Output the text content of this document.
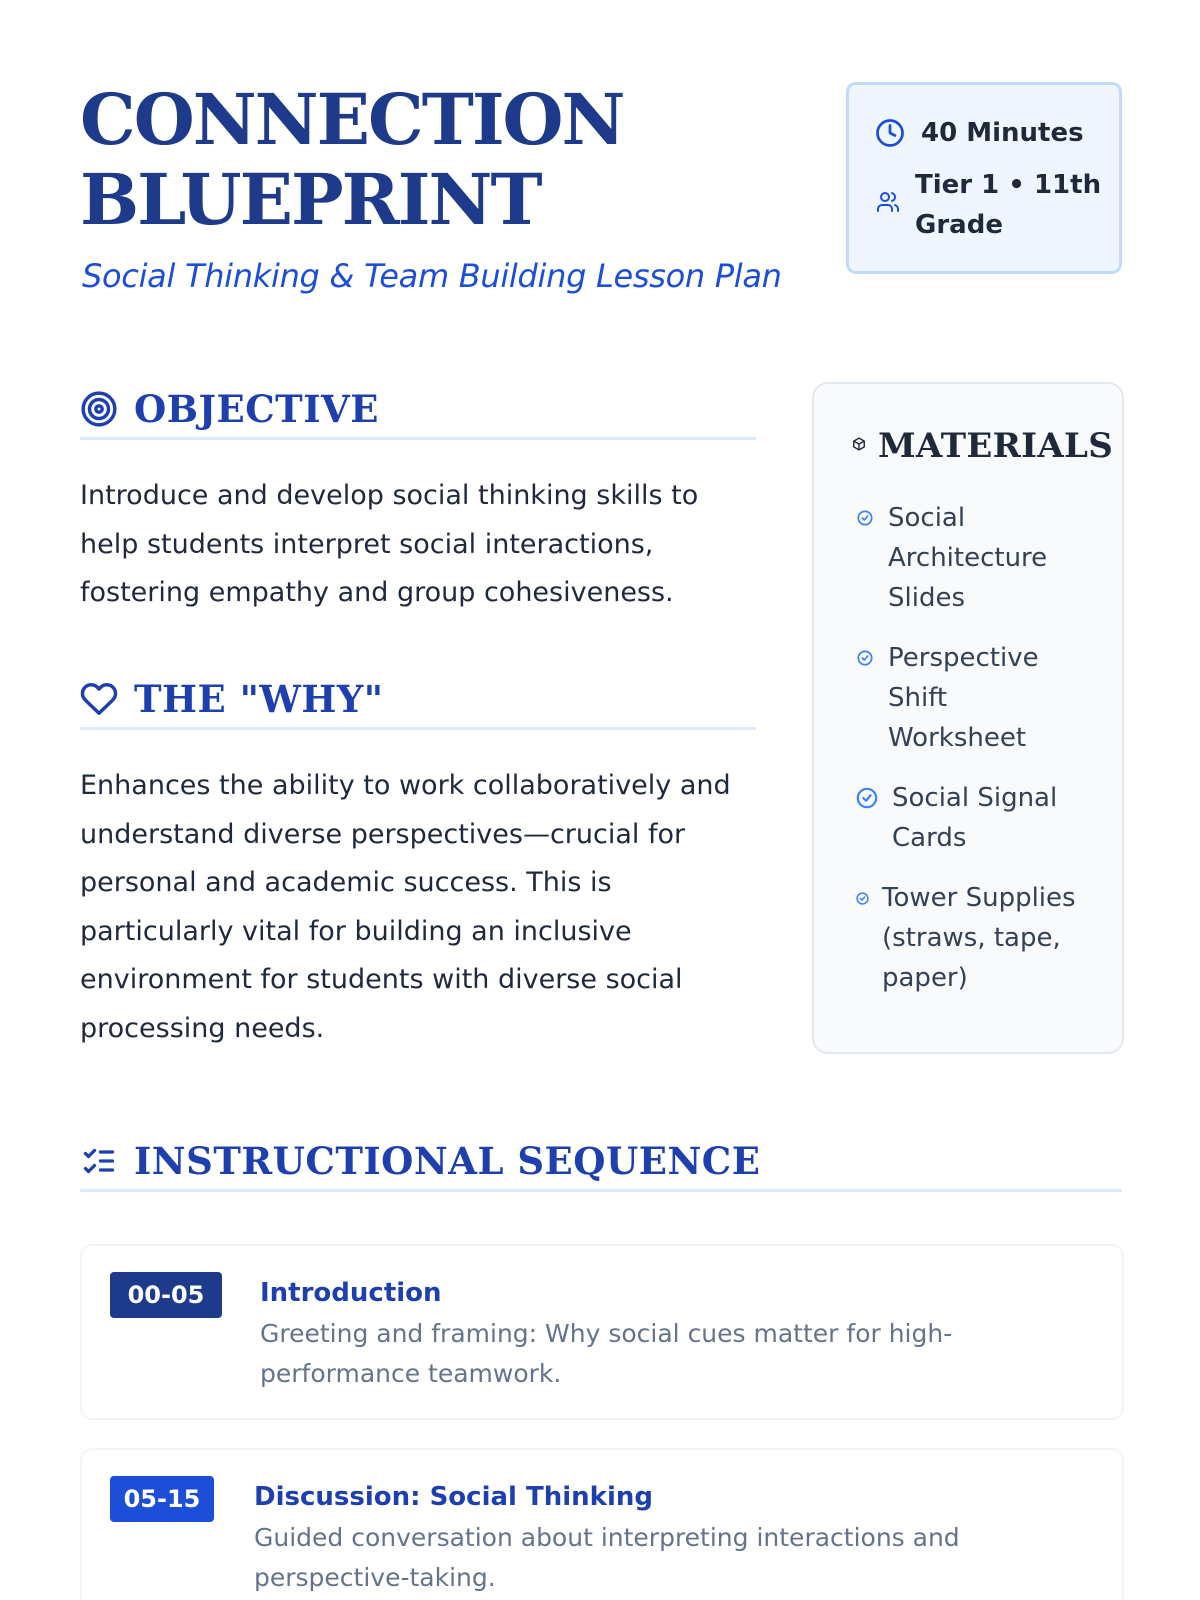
CONNECTION
BLUEPRINT
Social Thinking & Team Building Lesson Plan
40 Minutes
Tier 1 • 11th
Grade
OBJECTIVE
Introduce and develop social thinking skills to
help students interpret social interactions,
fostering empathy and group cohesiveness.
THE "WHY"
Enhances the ability to work collaboratively and
understand diverse perspectives—crucial for
personal and academic success. This is
particularly vital for building an inclusive
environment for students with diverse social
processing needs.
MATERIALS
Social
Architecture
Slides
Perspective
Shift
Worksheet
Social Signal
Cards
Tower Supplies
(straws, tape,
paper)
INSTRUCTIONAL SEQUENCE
00-05	Introduction
Greeting and framing: Why social cues matter for high-
performance teamwork.
05-15	Discussion: Social Thinking
Guided conversation about interpreting interactions and
perspective-taking.
